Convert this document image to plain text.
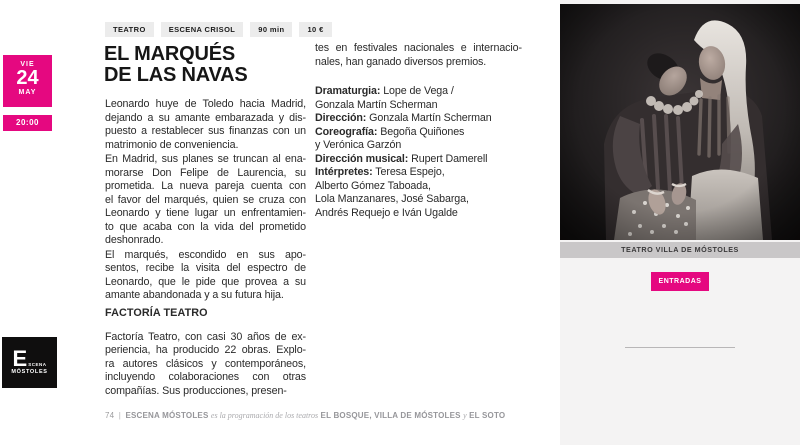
VIE
24
MAY
20:00
TEATRO	ESCENA CRISOL	90 min	10 €
EL MARQUÉS
DE LAS NAVAS
Leonardo huye de Toledo hacia Madrid,
dejando a su amante embarazada y dis-
puesto a restablecer sus finanzas con un
matrimonio de conveniencia.
En Madrid, sus planes se truncan al ena-
morarse Don Felipe de Laurencia, su
prometida. La nueva pareja cuenta con
el favor del marqués, quien se cruza con
Leonardo y tiene lugar un enfrentamien-
to que acaba con la vida del prometido
deshonrado.
El marqués, escondido en sus apo-
sentos, recibe la visita del espectro de
Leonardo, que le pide que provea a su
amante abandonada y a su futura hija.
FACTORÍA TEATRO
Factoría Teatro, con casi 30 años de ex-
periencia, ha producido 22 obras. Explo-
ra autores clásicos y contemporáneos,
incluyendo colaboraciones con otras
compañías. Sus producciones, presen-
tes en festivales nacionales e internacio-
nales, han ganado diversos premios.
Dramaturgia: Lope de Vega /
Gonzala Martín Scherman
Dirección: Gonzala Martín Scherman
Coreografía: Begoña Quiñones
y Verónica Garzón
Dirección musical: Rupert Damerell
Intérpretes: Teresa Espejo,
Alberto Gómez Taboada,
Lola Manzanares, José Sabarga,
Andrés Requejo e Iván Ugalde
TEATRO VILLA DE MÓSTOLES
ENTRADAS
E SCENA
MÓSTOLES
74 | ESCENA MÓSTOLES es la programación de los teatros EL BOSQUE, VILLA DE MÓSTOLES y EL SOTO
